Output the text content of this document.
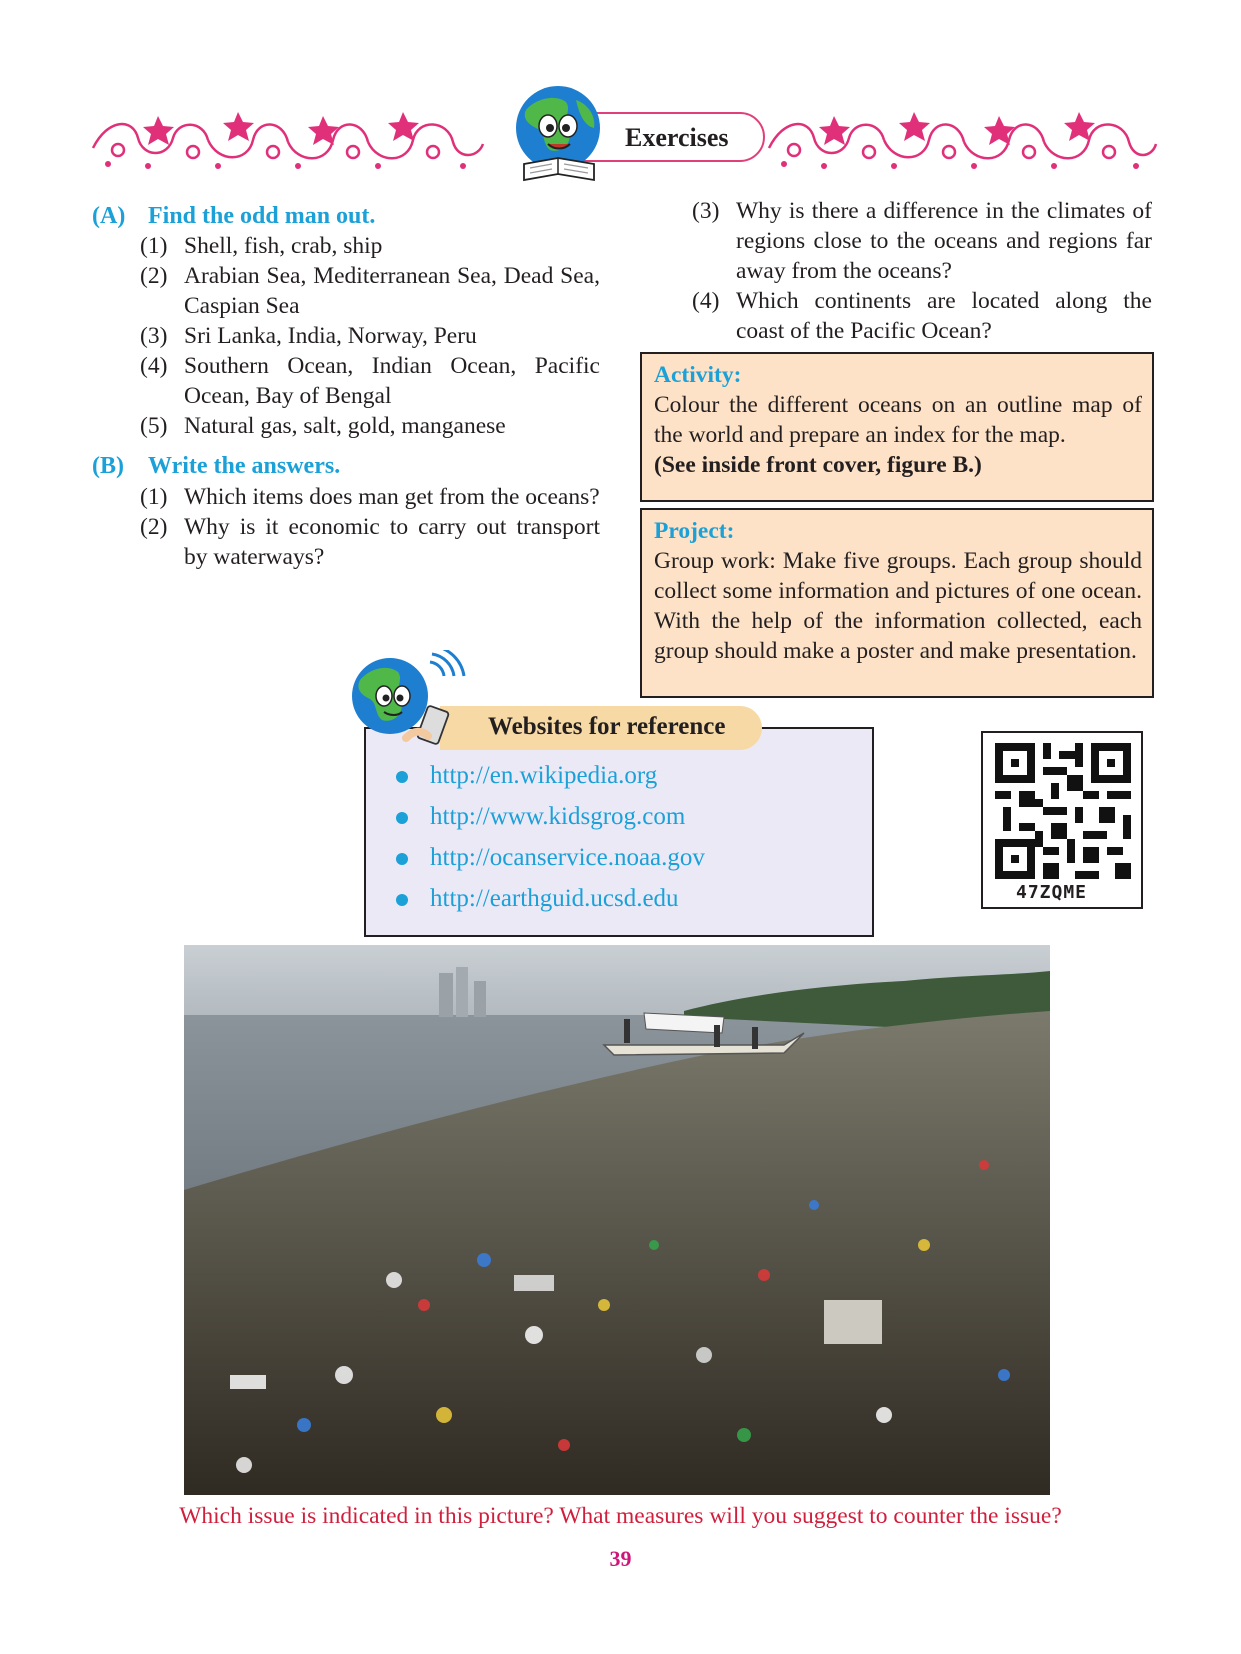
Exercises
(A) Find the odd man out.
(1) Shell, fish, crab, ship
(2) Arabian Sea, Mediterranean Sea, Dead Sea, Caspian Sea
(3) Sri Lanka, India, Norway, Peru
(4) Southern Ocean, Indian Ocean, Pacific Ocean, Bay of Bengal
(5) Natural gas, salt, gold, manganese
(B) Write the answers.
(1) Which items does man get from the oceans?
(2) Why is it economic to carry out transport by waterways?
(3) Why is there a difference in the climates of regions close to the oceans and regions far away from the oceans?
(4) Which continents are located along the coast of the Pacific Ocean?
Activity:
Colour the different oceans on an outline map of the world and prepare an index for the map.
(See inside front cover, figure B.)
Project:
Group work: Make five groups. Each group should collect some information and pictures of one ocean. With the help of the information collected, each group should make a poster and make presentation.
Websites for reference
http://en.wikipedia.org
http://www.kidsgrog.com
http://ocanservice.noaa.gov
http://earthguid.ucsd.edu	47ZQME
Which issue is indicated in this picture? What measures will you suggest to counter the issue?
39
